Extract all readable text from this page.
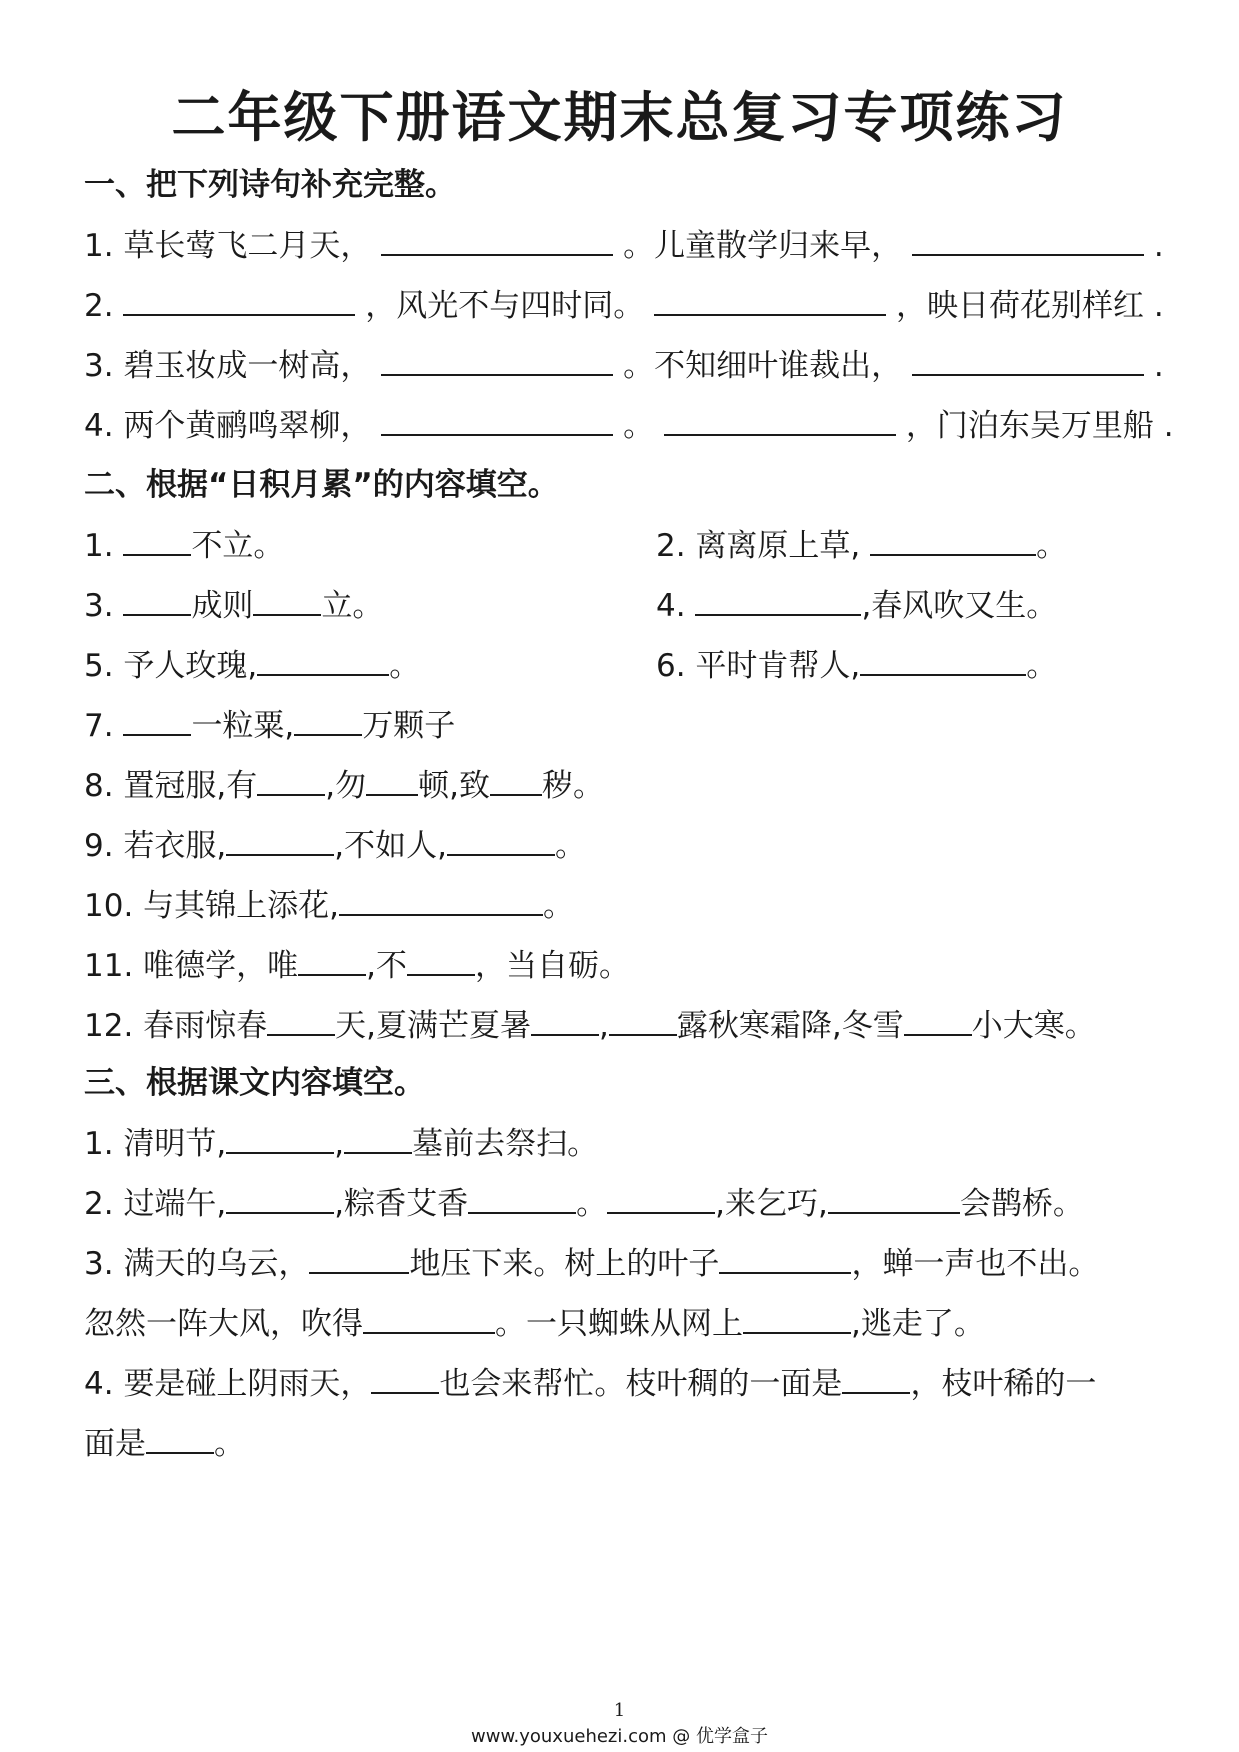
二年级下册语文期末总复习专项练习
一、把下列诗句补充完整。
1. 草长莺飞二月天，	。儿童散学归来早，	.
2.	，风光不与四时同。	，映日荷花别样红 .
3. 碧玉妆成一树高，	。不知细叶谁裁出，	.
4. 两个黄鹂鸣翠柳，	。	，门泊东吴万里船 .
二、根据“日积月累”的内容填空。
1.	不立。	2. 离离原上草,	。
3.	成则 立。	4.	,春风吹又生。
5. 予人玫瑰,	。	6. 平时肯帮人,	。
7.	一粒粟, 万颗子
8. 置冠服,有 ,勿 顿,致 秽。
9. 若衣服,	,不如人,	。
10. 与其锦上添花,	。
11. 唯德学，唯 ,不 ，当自砺。
12. 春雨惊春 天,夏满芒夏暑 , 露秋寒霜降,冬雪 小大寒。
三、根据课文内容填空。
1. 清明节,	, 墓前去祭扫。
2. 过端午,	,粽香艾香	。	,来乞巧,	会鹊桥。
3. 满天的乌云，	地压下来。树上的叶子	，蝉一声也不出。
忽然一阵大风，吹得	。一只蜘蛛从网上	,逃走了。
4. 要是碰上阴雨天， 也会来帮忙。枝叶稠的一面是 ，枝叶稀的一
面是 。
1
www.youxuehezi.com @ 优学盒子
